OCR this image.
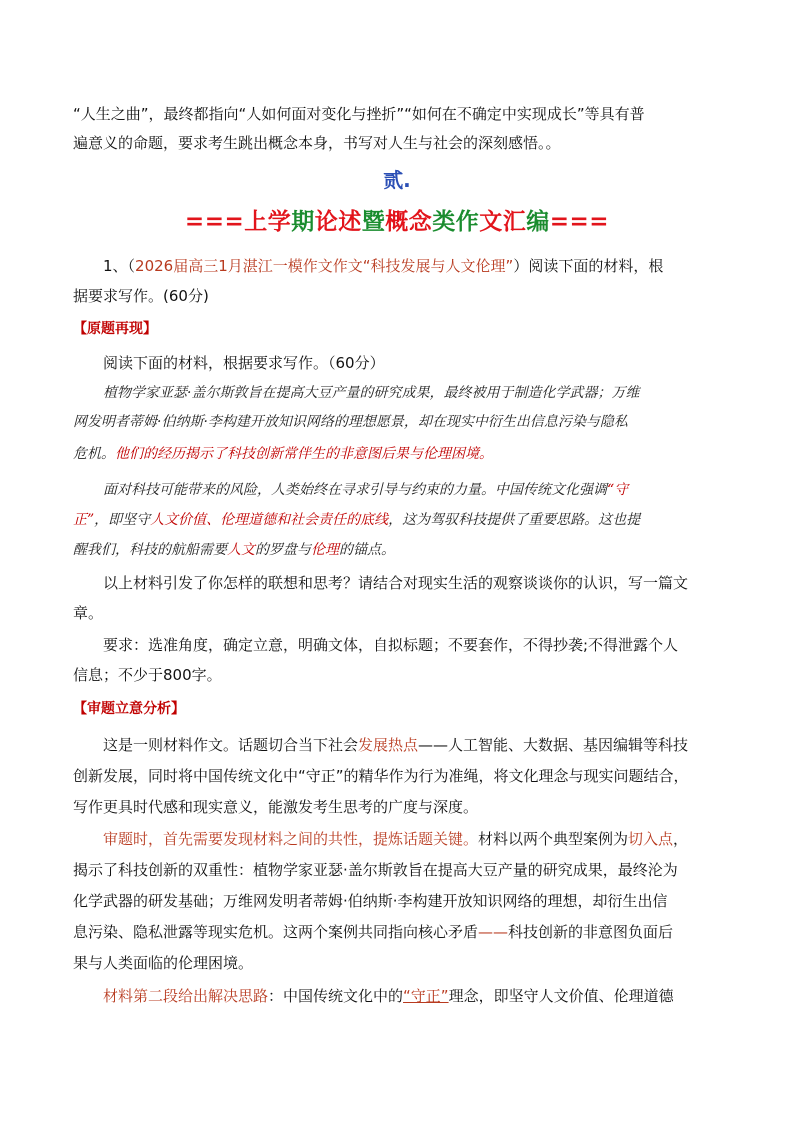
“人生之曲”，最终都指向“人如何面对变化与挫折”“如何在不确定中实现成长”等具有普

遍意义的命题，要求考生跳出概念本身，书写对人生与社会的深刻感悟。。

贰.

===上学期论述暨概念类作文汇编===

1、（2026届高三1月湛江一模作文作文“科技发展与人文伦理”）阅读下面的材料，根

据要求写作。(60分)

【原题再现】

阅读下面的材料，根据要求写作。（60分）

植物学家亚瑟·盖尔斯敦旨在提高大豆产量的研究成果，最终被用于制造化学武器；万维

网发明者蒂姆·伯纳斯·李构建开放知识网络的理想愿景，却在现实中衍生出信息污染与隐私

危机。他们的经历揭示了科技创新常伴生的非意图后果与伦理困境。

面对科技可能带来的风险，人类始终在寻求引导与约束的力量。中国传统文化强调“守

正”，即坚守人文价值、伦理道德和社会责任的底线，这为驾驭科技提供了重要思路。这也提

醒我们，科技的航船需要人文的罗盘与伦理的锚点。

以上材料引发了你怎样的联想和思考？请结合对现实生活的观察谈谈你的认识，写一篇文

章。

要求：选准角度，确定立意，明确文体，自拟标题；不要套作，不得抄袭;不得泄露个人

信息；不少于800字。

【审题立意分析】

这是一则材料作文。话题切合当下社会发展热点——人工智能、大数据、基因编辑等科技

创新发展，同时将中国传统文化中“守正”的精华作为行为准绳，将文化理念与现实问题结合，

写作更具时代感和现实意义，能激发考生思考的广度与深度。

审题时，首先需要发现材料之间的共性，提炼话题关键。材料以两个典型案例为切入点，

揭示了科技创新的双重性：植物学家亚瑟·盖尔斯敦旨在提高大豆产量的研究成果，最终沦为

化学武器的研发基础；万维网发明者蒂姆·伯纳斯·李构建开放知识网络的理想，却衍生出信

息污染、隐私泄露等现实危机。这两个案例共同指向核心矛盾——科技创新的非意图负面后

果与人类面临的伦理困境。

材料第二段给出解决思路：中国传统文化中的“守正”理念，即坚守人文价值、伦理道德
